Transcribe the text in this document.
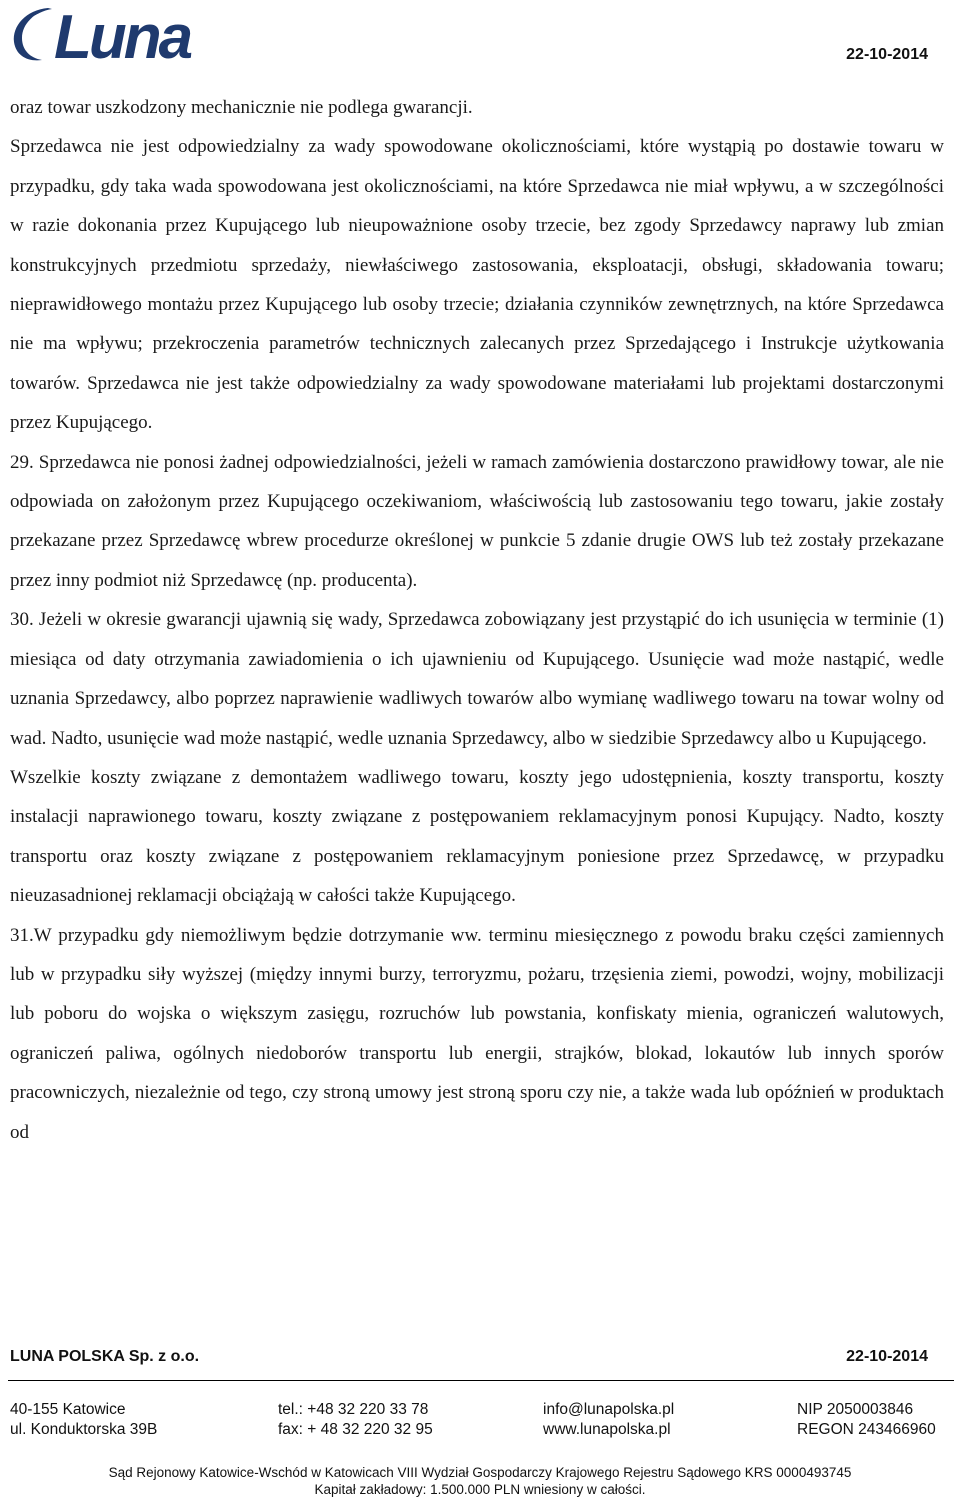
Luna	22-10-2014

oraz towar uszkodzony mechanicznie nie podlega gwarancji.

Sprzedawca nie jest odpowiedzialny za wady spowodowane okolicznościami, które wystąpią po dostawie towaru w przypadku, gdy taka wada spowodowana jest okolicznościami, na które Sprzedawca nie miał wpływu, a w szczególności w razie dokonania przez Kupującego lub nieupoważnione osoby trzecie, bez zgody Sprzedawcy naprawy lub zmian konstrukcyjnych przedmiotu sprzedaży, niewłaściwego zastosowania, eksploatacji, obsługi, składowania towaru; nieprawidłowego montażu przez Kupującego lub osoby trzecie; działania czynników zewnętrznych, na które Sprzedawca nie ma wpływu; przekroczenia parametrów technicznych zalecanych przez Sprzedającego i Instrukcje użytkowania towarów. Sprzedawca nie jest także odpowiedzialny za wady spowodowane materiałami lub projektami dostarczonymi przez Kupującego.

29. Sprzedawca nie ponosi żadnej odpowiedzialności, jeżeli w ramach zamówienia dostarczono prawidłowy towar, ale nie odpowiada on założonym przez Kupującego oczekiwaniom, właściwością lub zastosowaniu tego towaru, jakie zostały przekazane przez Sprzedawcę wbrew procedurze określonej w punkcie 5 zdanie drugie OWS lub też zostały przekazane przez inny podmiot niż Sprzedawcę (np. producenta).

30. Jeżeli w okresie gwarancji ujawnią się wady, Sprzedawca zobowiązany jest przystąpić do ich usunięcia w terminie (1) miesiąca od daty otrzymania zawiadomienia o ich ujawnieniu od Kupującego. Usunięcie wad może nastąpić, wedle uznania Sprzedawcy, albo poprzez naprawienie wadliwych towarów albo wymianę wadliwego towaru na towar wolny od wad. Nadto, usunięcie wad może nastąpić, wedle uznania Sprzedawcy, albo w siedzibie Sprzedawcy albo u Kupującego.

Wszelkie koszty związane z demontażem wadliwego towaru, koszty jego udostępnienia, koszty transportu, koszty instalacji naprawionego towaru, koszty związane z postępowaniem reklamacyjnym ponosi Kupujący. Nadto, koszty transportu oraz koszty związane z postępowaniem reklamacyjnym poniesione przez Sprzedawcę, w przypadku nieuzasadnionej reklamacji obciążają w całości także Kupującego.

31.W przypadku gdy niemożliwym będzie dotrzymanie ww. terminu miesięcznego z powodu braku części zamiennych lub w przypadku siły wyższej (między innymi burzy, terroryzmu, pożaru, trzęsienia ziemi, powodzi, wojny, mobilizacji lub poboru do wojska o większym zasięgu, rozruchów lub powstania, konfiskaty mienia, ograniczeń walutowych, ograniczeń paliwa, ogólnych niedoborów transportu lub energii, strajków, blokad, lokautów lub innych sporów pracowniczych, niezależnie od tego, czy stroną umowy jest stroną sporu czy nie, a także wada lub opóźnień w produktach od

LUNA POLSKA Sp. z o.o.	22-10-2014
40-155 Katowice
ul. Konduktorska 39B
tel.: +48 32 220 33 78
fax: + 48 32 220 32 95
info@lunapolska.pl
www.lunapolska.pl
NIP 2050003846
REGON 243466960
Sąd Rejonowy Katowice-Wschód w Katowicach VIII Wydział Gospodarczy Krajowego Rejestru Sądowego KRS 0000493745
Kapitał zakładowy: 1.500.000 PLN wniesiony w całości.
